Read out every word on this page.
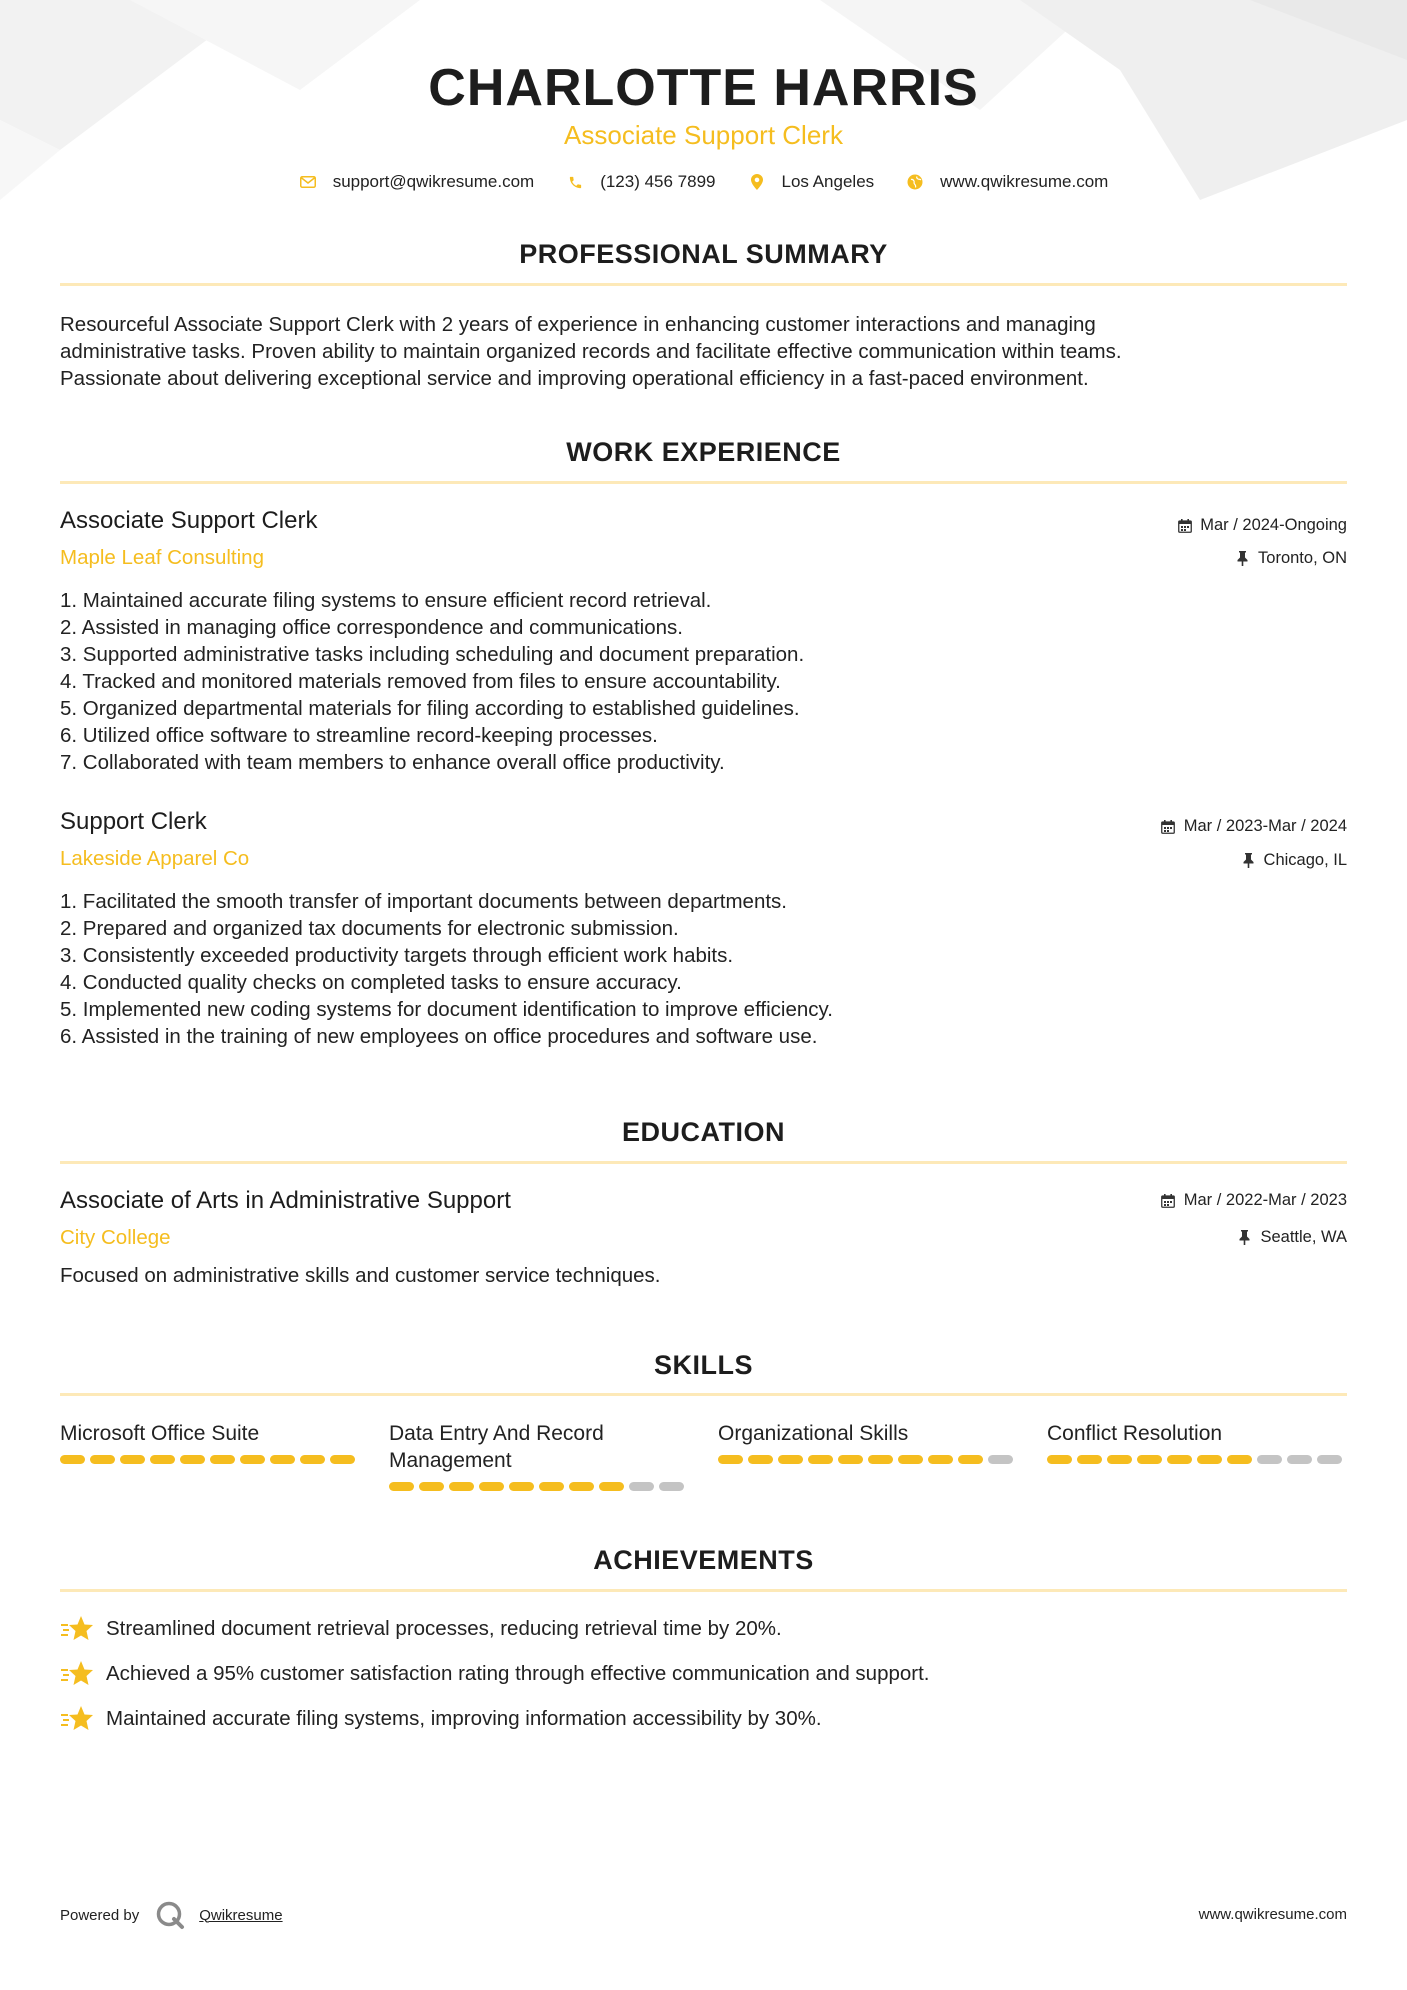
CHARLOTTE HARRIS
Associate Support Clerk
support@qwikresume.com	(123) 456 7899	Los Angeles	www.qwikresume.com
PROFESSIONAL SUMMARY
Resourceful Associate Support Clerk with 2 years of experience in enhancing customer interactions and managing
administrative tasks. Proven ability to maintain organized records and facilitate effective communication within teams.
Passionate about delivering exceptional service and improving operational efficiency in a fast-paced environment.
WORK EXPERIENCE
Associate Support Clerk	Mar / 2024-Ongoing
Maple Leaf Consulting	Toronto, ON
1. Maintained accurate filing systems to ensure efficient record retrieval.
2. Assisted in managing office correspondence and communications.
3. Supported administrative tasks including scheduling and document preparation.
4. Tracked and monitored materials removed from files to ensure accountability.
5. Organized departmental materials for filing according to established guidelines.
6. Utilized office software to streamline record-keeping processes.
7. Collaborated with team members to enhance overall office productivity.
Support Clerk	Mar / 2023-Mar / 2024
Lakeside Apparel Co	Chicago, IL
1. Facilitated the smooth transfer of important documents between departments.
2. Prepared and organized tax documents for electronic submission.
3. Consistently exceeded productivity targets through efficient work habits.
4. Conducted quality checks on completed tasks to ensure accuracy.
5. Implemented new coding systems for document identification to improve efficiency.
6. Assisted in the training of new employees on office procedures and software use.
EDUCATION
Associate of Arts in Administrative Support	Mar / 2022-Mar / 2023
City College	Seattle, WA
Focused on administrative skills and customer service techniques.
SKILLS
Microsoft Office Suite	Data Entry And Record Management
Organizational Skills	Conflict Resolution
ACHIEVEMENTS
Streamlined document retrieval processes, reducing retrieval time by 20%.
Achieved a 95% customer satisfaction rating through effective communication and support.
Maintained accurate filing systems, improving information accessibility by 30%.
Powered by	Qwikresume	www.qwikresume.com
